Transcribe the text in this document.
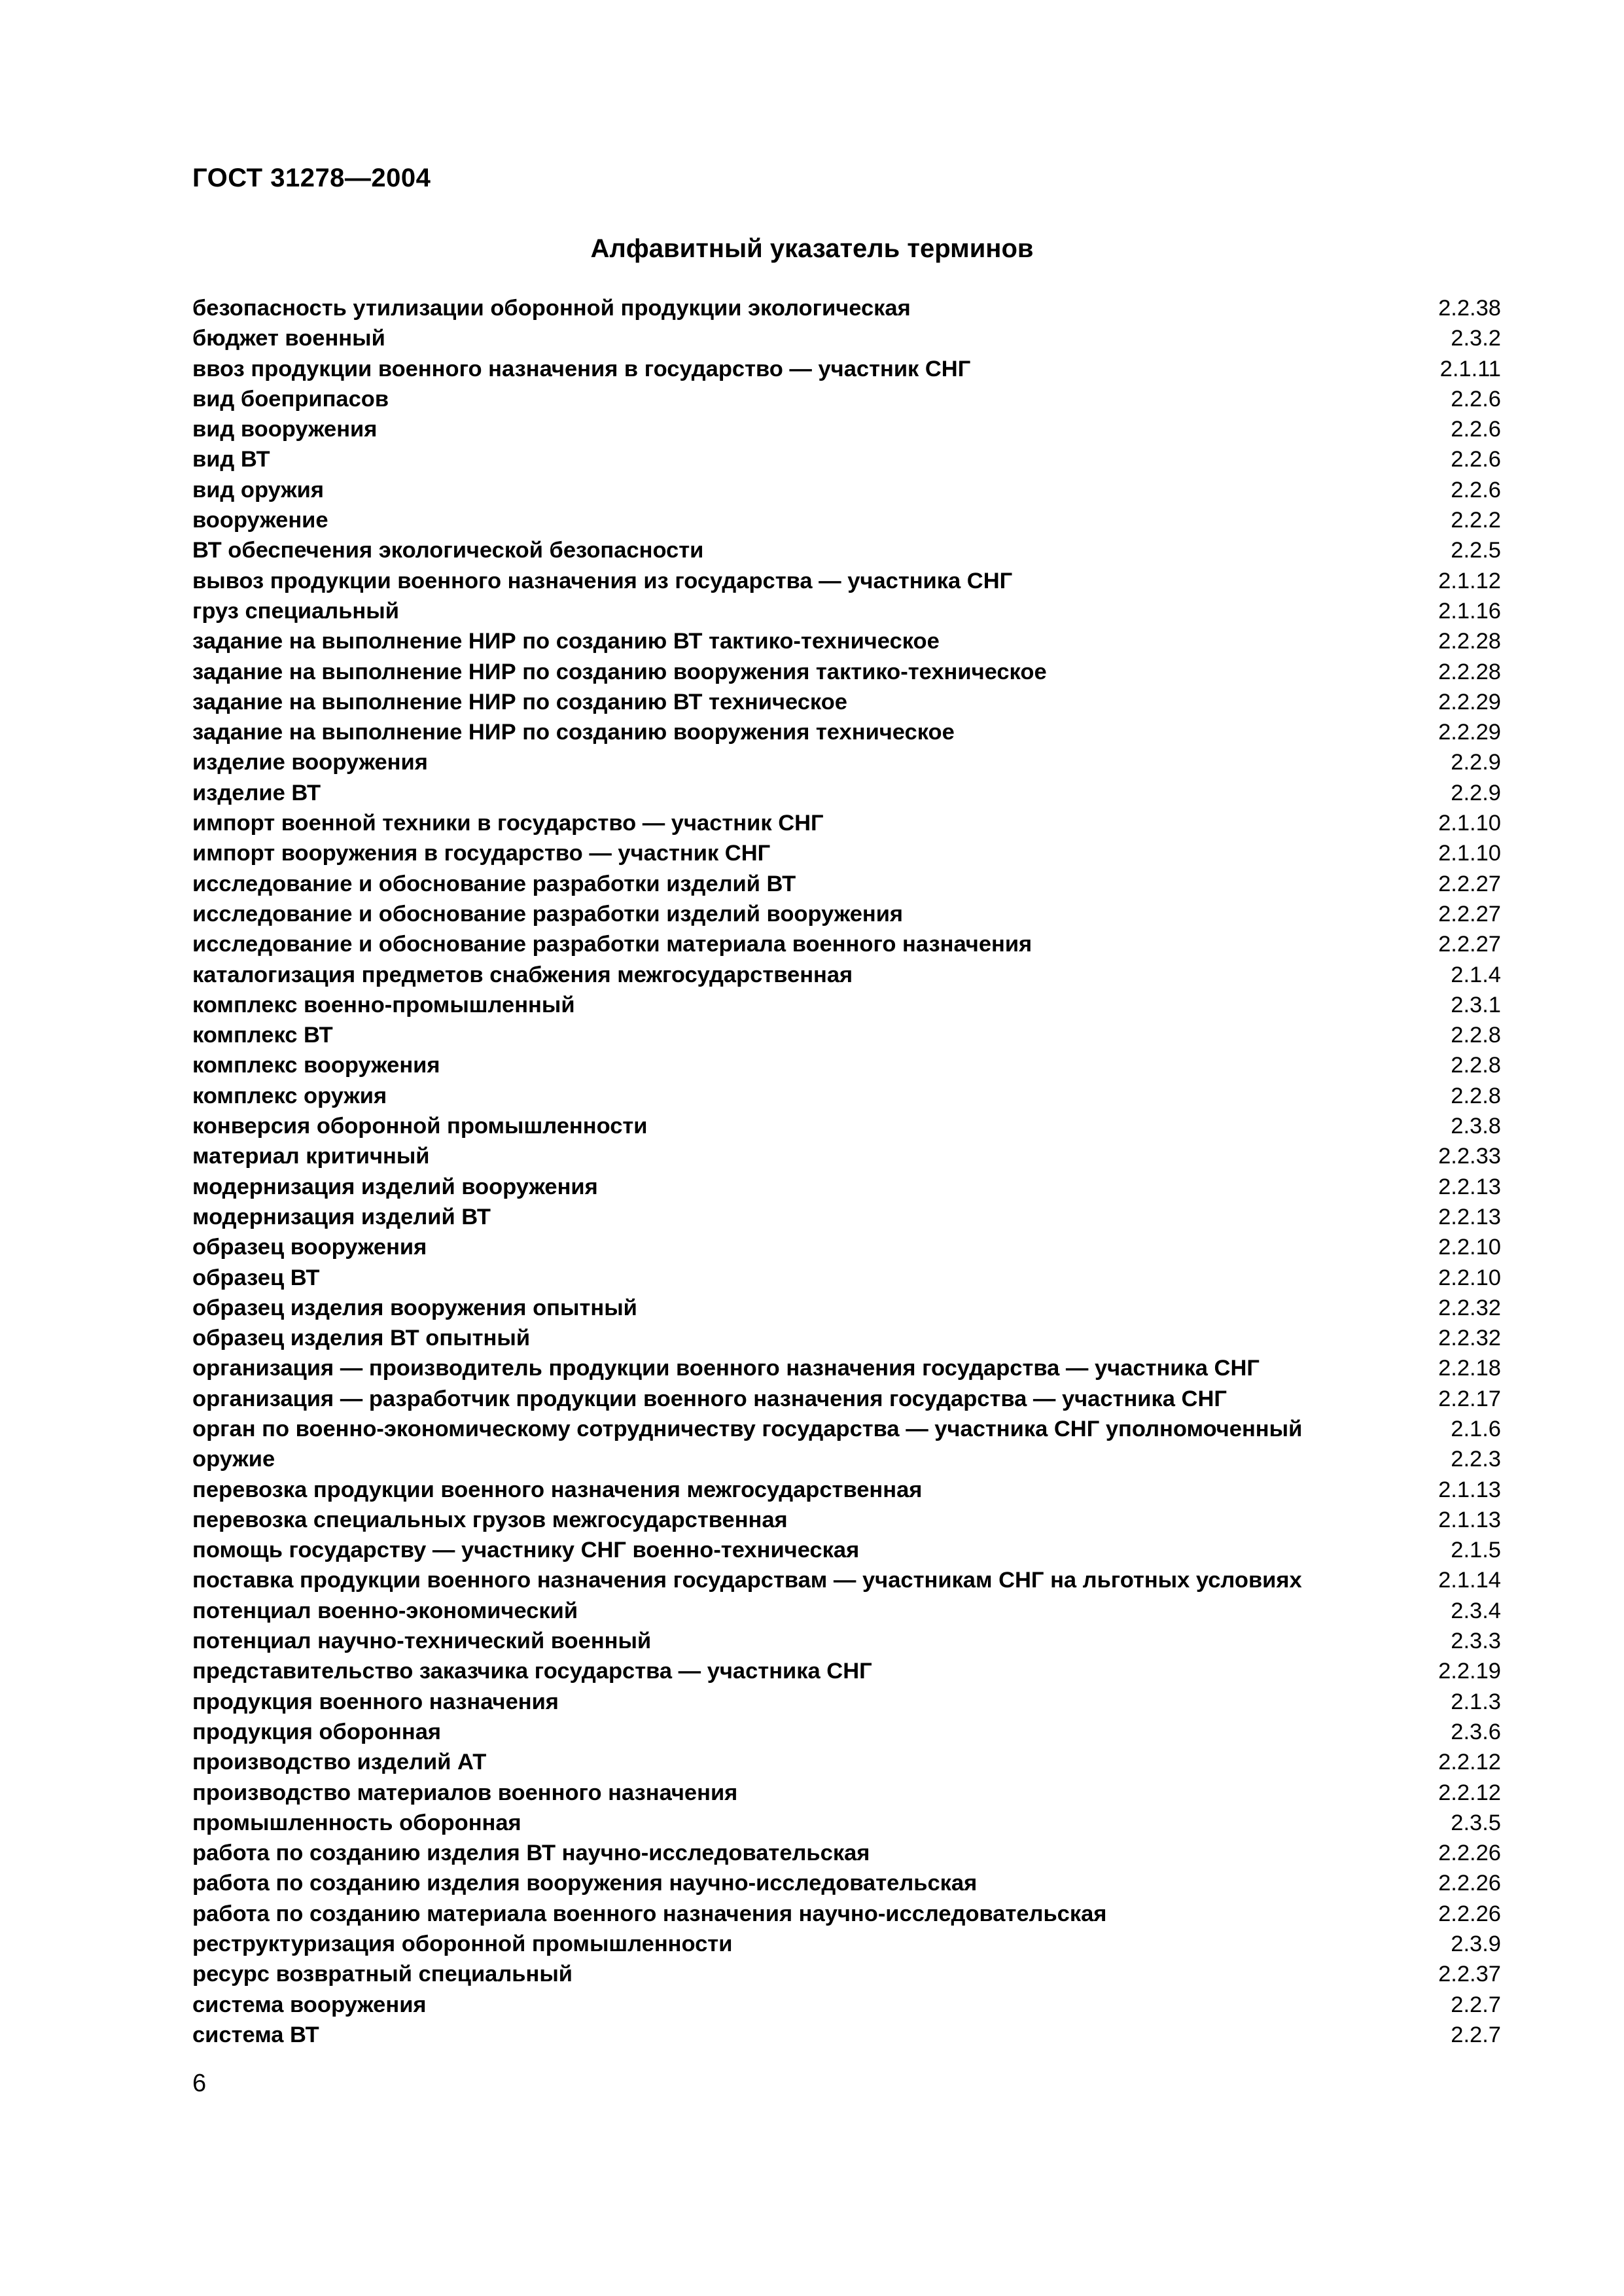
ГОСТ 31278—2004
Алфавитный указатель терминов
безопасность утилизации оборонной продукции экологическая	2.2.38
бюджет военный	2.3.2
ввоз продукции военного назначения в государство — участник СНГ	2.1.11
вид боеприпасов	2.2.6
вид вооружения	2.2.6
вид ВТ	2.2.6
вид оружия	2.2.6
вооружение	2.2.2
ВТ обеспечения экологической безопасности	2.2.5
вывоз продукции военного назначения из государства — участника СНГ	2.1.12
груз специальный	2.1.16
задание на выполнение НИР по созданию ВТ тактико-техническое	2.2.28
задание на выполнение НИР по созданию вооружения тактико-техническое	2.2.28
задание на выполнение НИР по созданию ВТ техническое	2.2.29
задание на выполнение НИР по созданию вооружения техническое	2.2.29
изделие вооружения	2.2.9
изделие ВТ	2.2.9
импорт военной техники в государство — участник СНГ	2.1.10
импорт вооружения в государство — участник СНГ	2.1.10
исследование и обоснование разработки изделий ВТ	2.2.27
исследование и обоснование разработки изделий вооружения	2.2.27
исследование и обоснование разработки материала военного назначения	2.2.27
каталогизация предметов снабжения межгосударственная	2.1.4
комплекс военно-промышленный	2.3.1
комплекс ВТ	2.2.8
комплекс вооружения	2.2.8
комплекс оружия	2.2.8
конверсия оборонной промышленности	2.3.8
материал критичный	2.2.33
модернизация изделий вооружения	2.2.13
модернизация изделий ВТ	2.2.13
образец вооружения	2.2.10
образец ВТ	2.2.10
образец изделия вооружения опытный	2.2.32
образец изделия ВТ опытный	2.2.32
организация — производитель продукции военного назначения государства — участника СНГ	2.2.18
организация — разработчик продукции военного назначения государства — участника СНГ	2.2.17
орган по военно-экономическому сотрудничеству государства — участника СНГ уполномоченный	2.1.6
оружие	2.2.3
перевозка продукции военного назначения межгосударственная	2.1.13
перевозка специальных грузов межгосударственная	2.1.13
помощь государству — участнику СНГ военно-техническая	2.1.5
поставка продукции военного назначения государствам — участникам СНГ на льготных условиях	2.1.14
потенциал военно-экономический	2.3.4
потенциал научно-технический военный	2.3.3
представительство заказчика государства — участника СНГ	2.2.19
продукция военного назначения	2.1.3
продукция оборонная	2.3.6
производство изделий АТ	2.2.12
производство материалов военного назначения	2.2.12
промышленность оборонная	2.3.5
работа по созданию изделия ВТ научно-исследовательская	2.2.26
работа по созданию изделия вооружения научно-исследовательская	2.2.26
работа по созданию материала военного назначения научно-исследовательская	2.2.26
реструктуризация оборонной промышленности	2.3.9
ресурс возвратный специальный	2.2.37
система вооружения	2.2.7
система ВТ	2.2.7
6
